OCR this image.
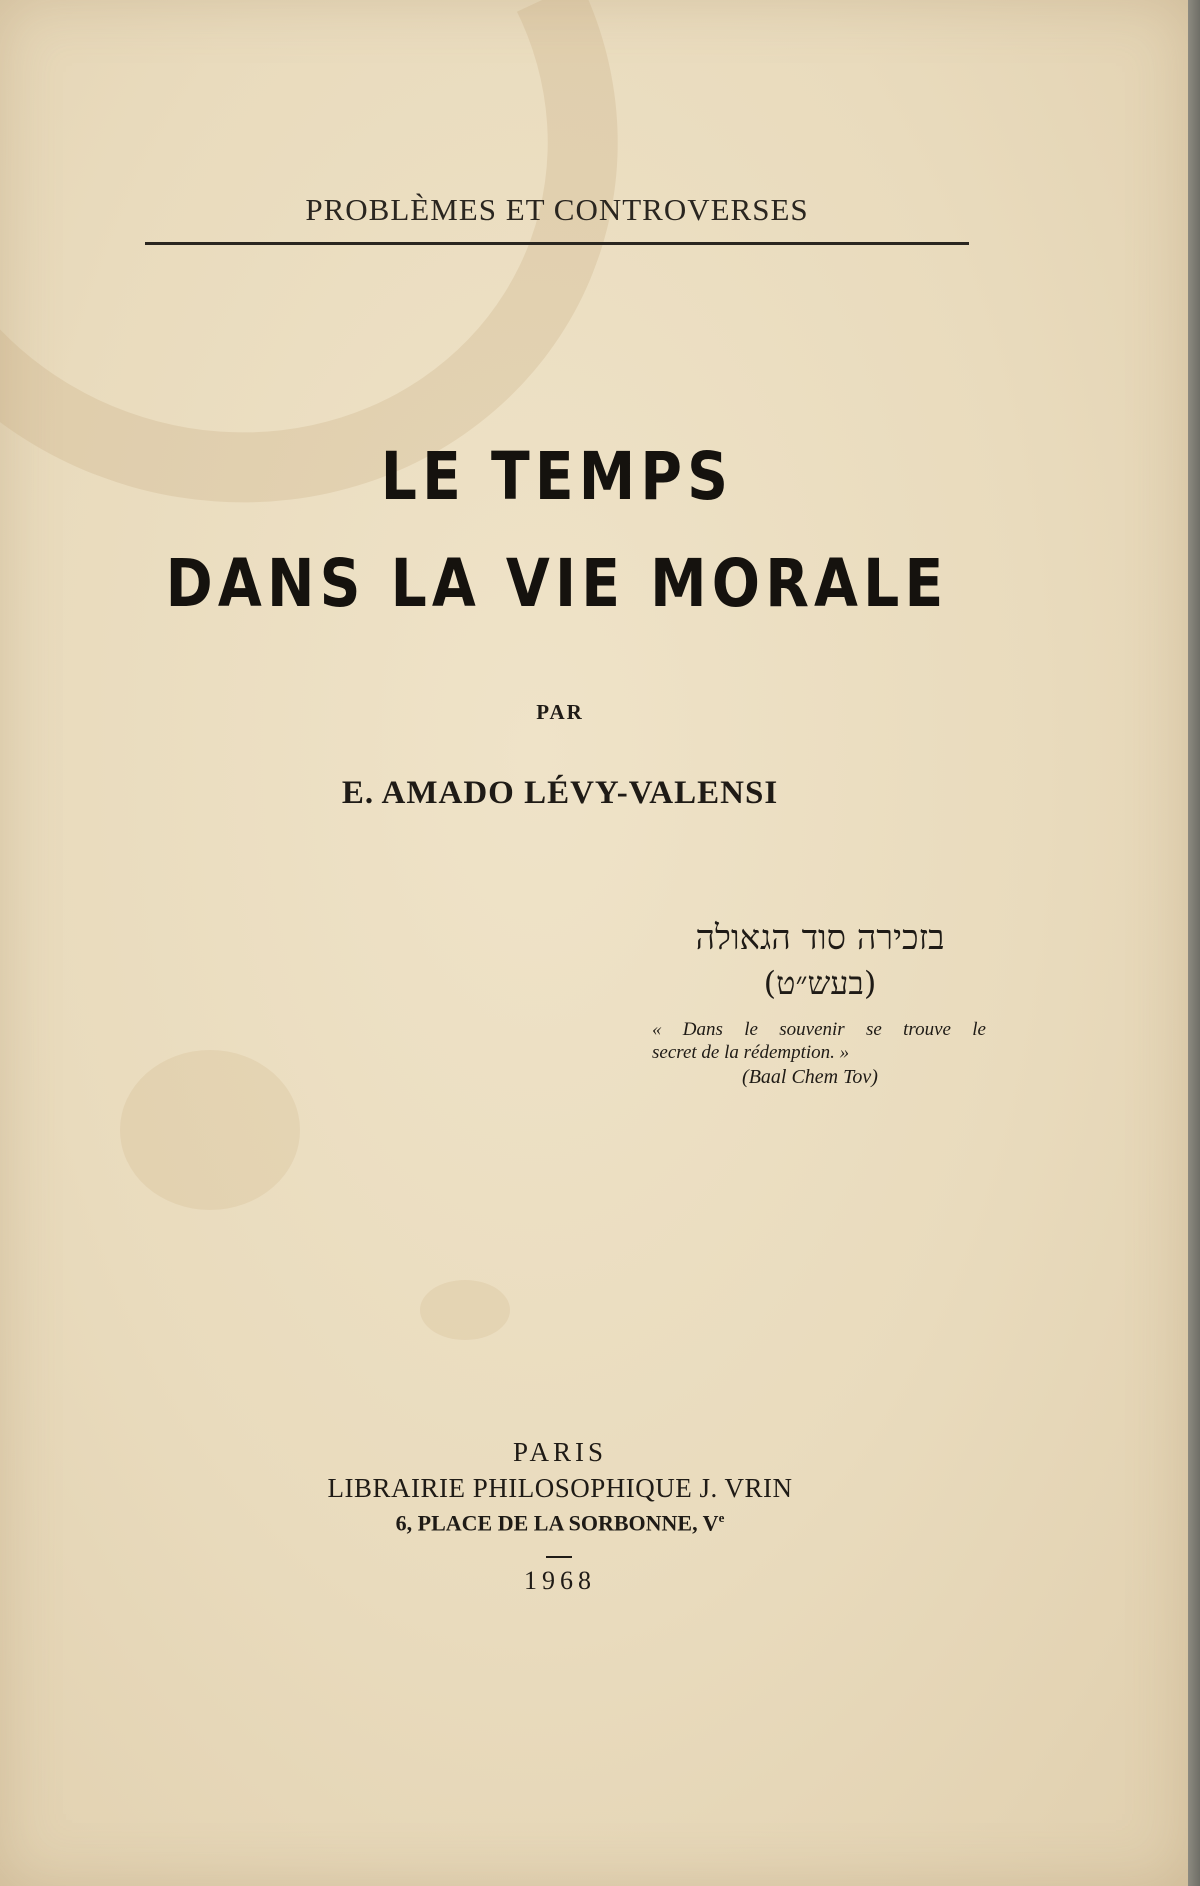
PROBLÈMES ET CONTROVERSES
LE TEMPS
DANS LA VIE MORALE
PAR
E. AMADO LÉVY-VALENSI
בזכירה סוד הגאולה
(בעש״ט)
« Dans le souvenir se trouve le
secret de la rédemption. »
(Baal Chem Tov)
PARIS
LIBRAIRIE PHILOSOPHIQUE J. VRIN
6, PLACE DE LA SORBONNE, Ve
1968
